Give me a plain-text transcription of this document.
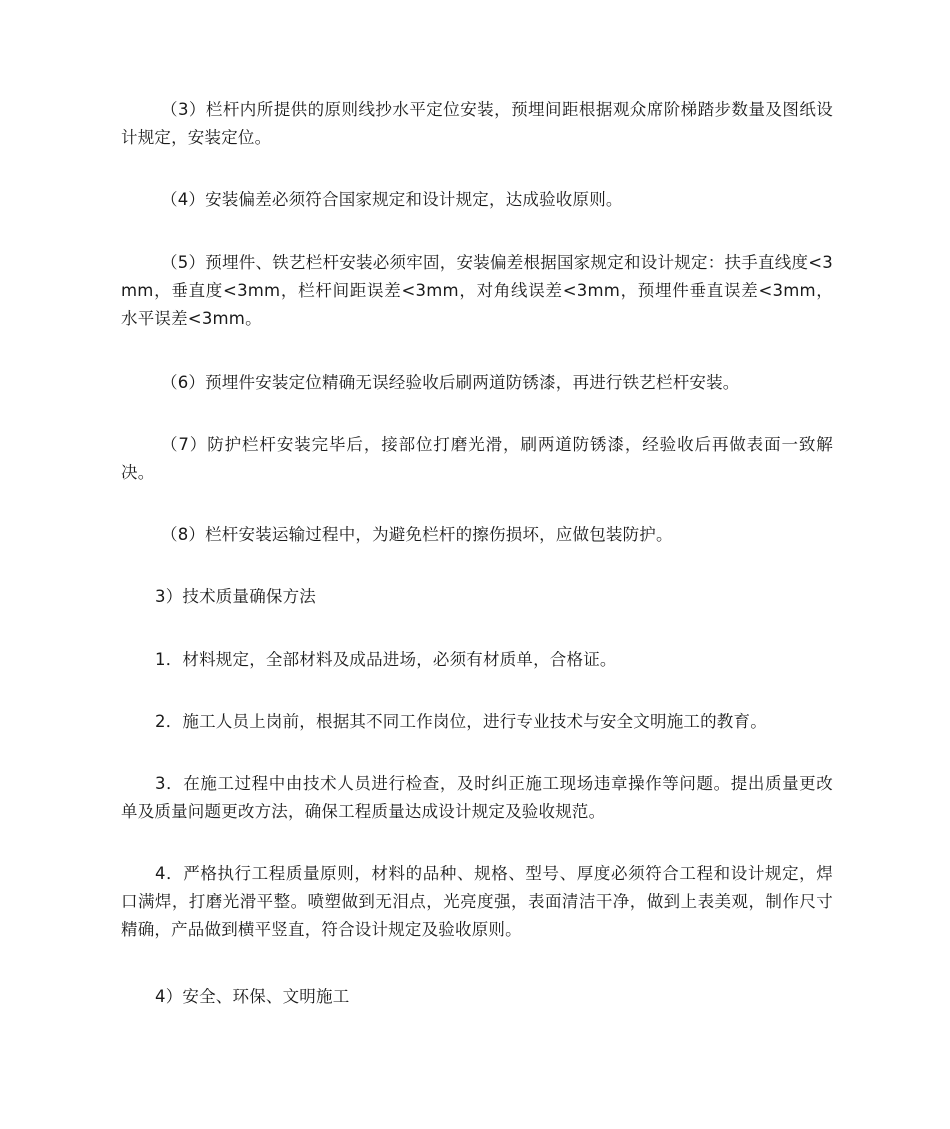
（3）栏杆内所提供的原则线抄水平定位安装，预埋间距根据观众席阶梯踏步数量及图纸设计规定，安装定位。

（4）安装偏差必须符合国家规定和设计规定，达成验收原则。

（5）预埋件、铁艺栏杆安装必须牢固，安装偏差根据国家规定和设计规定：扶手直线度<3mm，垂直度<3mm，栏杆间距误差<3mm，对角线误差<3mm，预埋件垂直误差<3mm，水平误差<3mm。

（6）预埋件安装定位精确无误经验收后刷两道防锈漆，再进行铁艺栏杆安装。

（7）防护栏杆安装完毕后，接部位打磨光滑，刷两道防锈漆，经验收后再做表面一致解决。

（8）栏杆安装运输过程中，为避免栏杆的擦伤损坏，应做包装防护。

3）技术质量确保方法

1．材料规定，全部材料及成品进场，必须有材质单，合格证。

2．施工人员上岗前，根据其不同工作岗位，进行专业技术与安全文明施工的教育。

3．在施工过程中由技术人员进行检查，及时纠正施工现场违章操作等问题。提出质量更改单及质量问题更改方法，确保工程质量达成设计规定及验收规范。

4．严格执行工程质量原则，材料的品种、规格、型号、厚度必须符合工程和设计规定，焊口满焊，打磨光滑平整。喷塑做到无泪点，光亮度强，表面清洁干净，做到上表美观，制作尺寸精确，产品做到横平竖直，符合设计规定及验收原则。

4）安全、环保、文明施工
